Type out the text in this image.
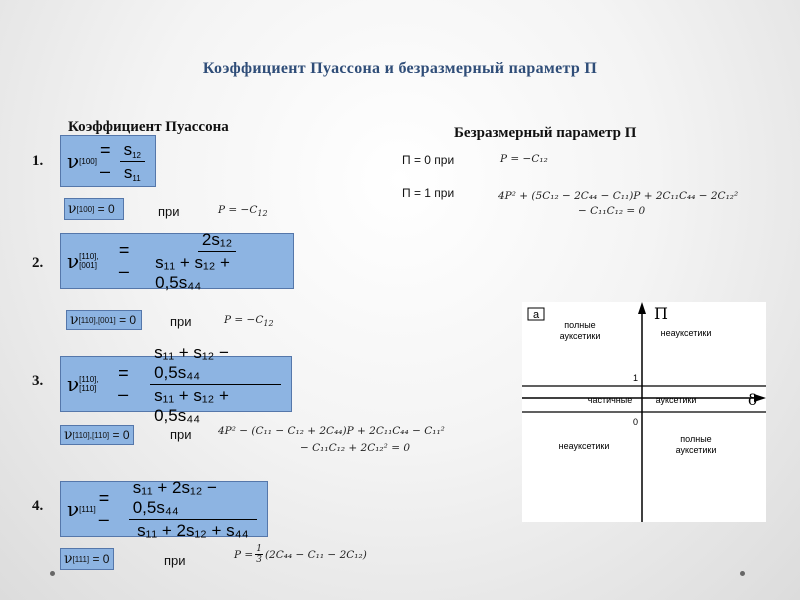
Коэффициент Пуассона и безразмерный параметр П
Коэффициент Пуассона
1. ν [100]
= – $\frac{s_{12}}{s_{11}}$
ν [100]
= 0	при	$P = -C_{12}$
2. ν [110],[001]
= –	$\frac{\text{2s₁₂}}{\text{s₁₁ + s₁₂ + 0,5s₄₄}}$
ν [110],[001]
= 0	при	$P = -C_{12}$
3. ν [110],[110]
= –	$\frac{\text{s₁₁ + s₁₂ − 0,5s₄₄}}{\text{s₁₁ + s₁₂ + 0,5s₄₄}}$
ν [110],[110]
= 0	при	4P² − (C₁₁ − C₁₂ + 2C₄₄)P + 2C₁₁C₄₄ − C₁₁²
− C₁₁C₁₂ + 2C₁₂² = 0
4. ν [111]
= –	$\frac{\text{s₁₁ + 2s₁₂ − 0,5s₄₄}}{\text{s₁₁ + 2s₁₂ + s₄₄}}$
ν [111]
= 0	при	$P = \frac{1}{3} (2C_{44} - C_{11} - 2C_{12})$
Безразмерный параметр П
П = 0 при	P = −C₁₂
П = 1 при	4P² + (5C₁₂ − 2C₄₄ − C₁₁)P + 2C₁₁C₄₄ − 2C₁₂²
− C₁₁C₁₂ = 0
a	П
δ
1
0
полные
ауксетики	неауксетики
частичные	ауксетики
неауксетики
полные
ауксетики
